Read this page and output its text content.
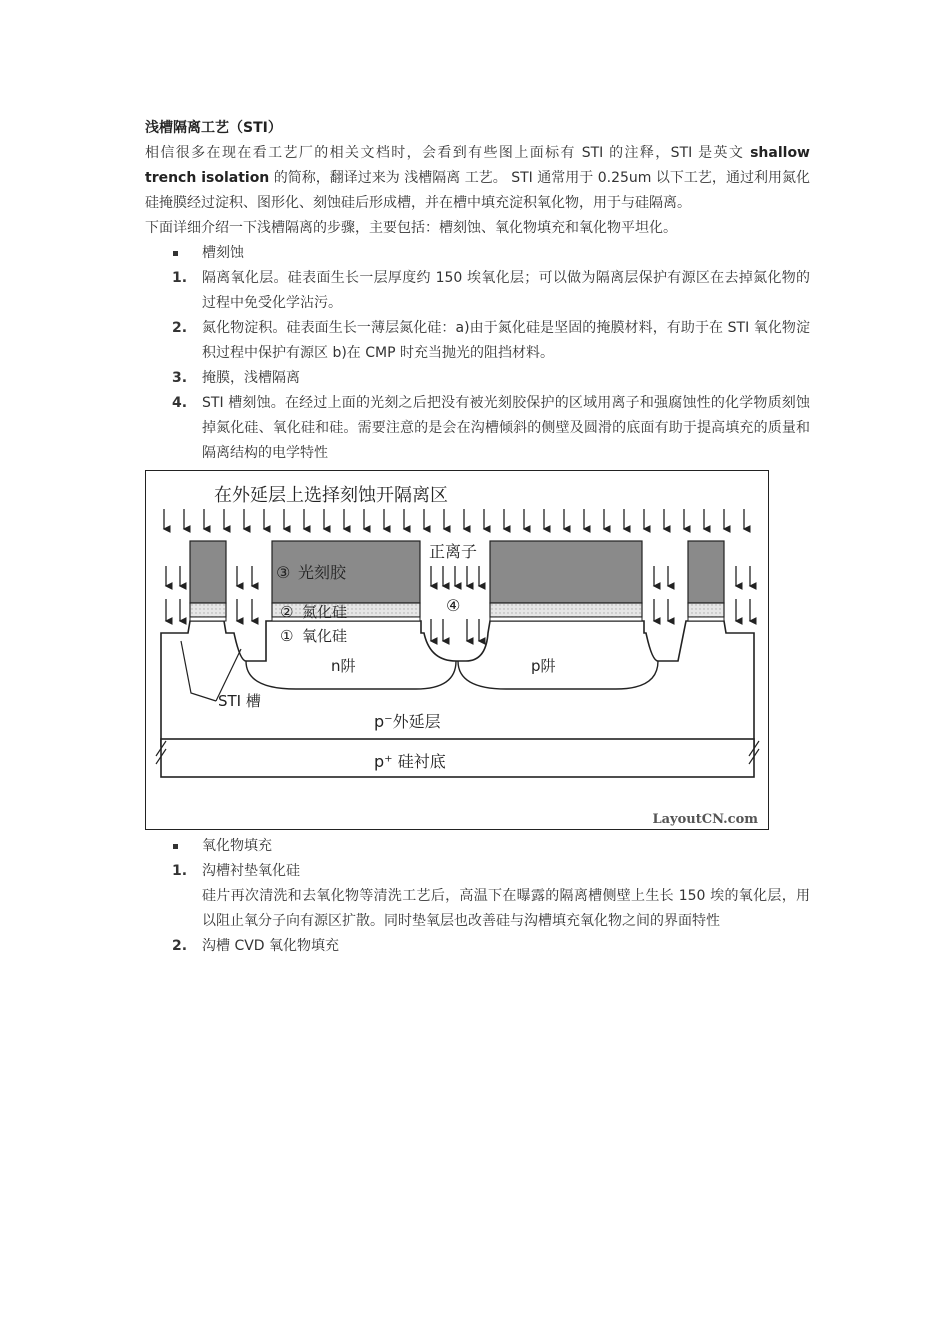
浅槽隔离工艺（STI）

相信很多在现在看工艺厂的相关文档时，会看到有些图上面标有 STI 的注释，STI 是英文 shallow trench isolation 的简称，翻译过来为 浅槽隔离 工艺。 STI 通常用于 0.25um 以下工艺，通过利用氮化硅掩膜经过淀积、图形化、刻蚀硅后形成槽，并在槽中填充淀积氧化物，用于与硅隔离。

下面详细介绍一下浅槽隔离的步骤，主要包括：槽刻蚀、氧化物填充和氧化物平坦化。

槽刻蚀
1. 隔离氧化层。硅表面生长一层厚度约 150 埃氧化层；可以做为隔离层保护有源区在去掉氮化物的过程中免受化学沾污。
2. 氮化物淀积。硅表面生长一薄层氮化硅：a)由于氮化硅是坚固的掩膜材料，有助于在 STI 氧化物淀积过程中保护有源区 b)在 CMP 时充当抛光的阻挡材料。
3. 掩膜，浅槽隔离
4. STI 槽刻蚀。在经过上面的光刻之后把没有被光刻胶保护的区域用离子和强腐蚀性的化学物质刻蚀掉氮化硅、氧化硅和硅。需要注意的是会在沟槽倾斜的侧壁及圆滑的底面有助于提高填充的质量和隔离结构的电学特性
在外延层上选择刻蚀开隔离区
正离子
③ 光刻胶
② 氮化硅
① 氧化硅
④
n阱	p阱
STI 槽
p⁻外延层
p⁺ 硅衬底
LayoutCN.com
氧化物填充
1. 沟槽衬垫氧化硅
硅片再次清洗和去氧化物等清洗工艺后，高温下在曝露的隔离槽侧壁上生长 150 埃的氧化层，用以阻止氧分子向有源区扩散。同时垫氧层也改善硅与沟槽填充氧化物之间的界面特性
2. 沟槽 CVD 氧化物填充
